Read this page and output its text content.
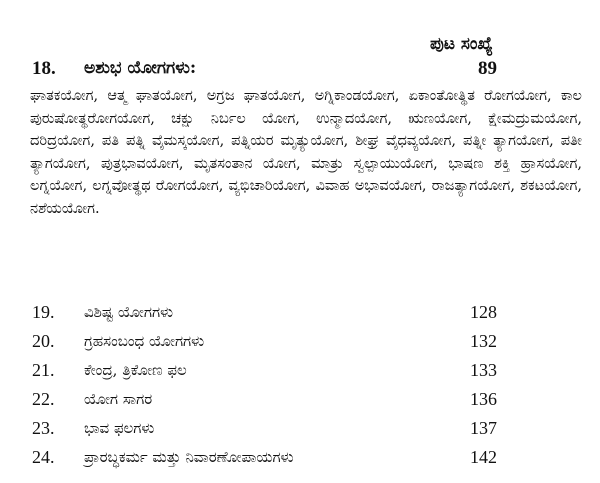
ಪುಟ ಸಂಖ್ಯೆ
18. ಅಶುಭ ಯೋಗಗಳು:	89
ಘಾತಕಯೋಗ, ಆತ್ಮ ಘಾತಯೋಗ, ಅಗ್ರಜ ಘಾತಯೋಗ, ಅಗ್ನಿಕಾಂಡಯೋಗ, ಏಕಾಂತೋತ್ಥಿತ ರೋಗಯೋಗ, ಕಾಲ ಪುರುಷೋತ್ಥರೋಗಯೋಗ, ಚಕ್ಷು ನಿರ್ಬಲ ಯೋಗ, ಉನ್ಮಾದಯೋಗ, ಋಣಯೋಗ, ಕ್ಷೇಮದ್ರುಮಯೋಗ, ದರಿದ್ರಯೋಗ, ಪತಿ ಪತ್ನಿ ವೈಮಸ್ಕಯೋಗ, ಪತ್ನಿಯರ ಮೃತ್ಯುಯೋಗ, ಶೀಘ್ರ ವೈಧವ್ಯಯೋಗ, ಪತ್ನೀ ತ್ಯಾಗಯೋಗ, ಪತೀ ತ್ಯಾಗಯೋಗ, ಪುತ್ರಭಾವಯೋಗ, ಮೃತಸಂತಾನ ಯೋಗ, ಮಾತ್ರು ಸ್ವಲ್ಪಾಯುಯೋಗ, ಭಾಷಣ ಶಕ್ತಿ ಹ್ರಾಸಯೋಗ, ಲಗ್ನಯೋಗ, ಲಗ್ನವೋತ್ಥಥ ರೋಗಯೋಗ, ವ್ಯಭಿಚಾರಿಯೋಗ, ವಿವಾಹ ಅಭಾವಯೋಗ, ರಾಜತ್ಯಾಗಯೋಗ, ಶಕಟಯೋಗ, ನಶೆಯಯೋಗ.
19. ವಿಶಿಷ್ಟ ಯೋಗಗಳು	128
20. ಗ್ರಹಸಂಬಂಧ ಯೋಗಗಳು	132
21. ಕೇಂದ್ರ, ತ್ರಿಕೋಣ ಫಲ	133
22. ಯೋಗ ಸಾಗರ	136
23. ಭಾವ ಫಲಗಳು	137
24. ಪ್ರಾರಬ್ಧಕರ್ಮ ಮತ್ತು ನಿವಾರಣೋಪಾಯಗಳು	142
